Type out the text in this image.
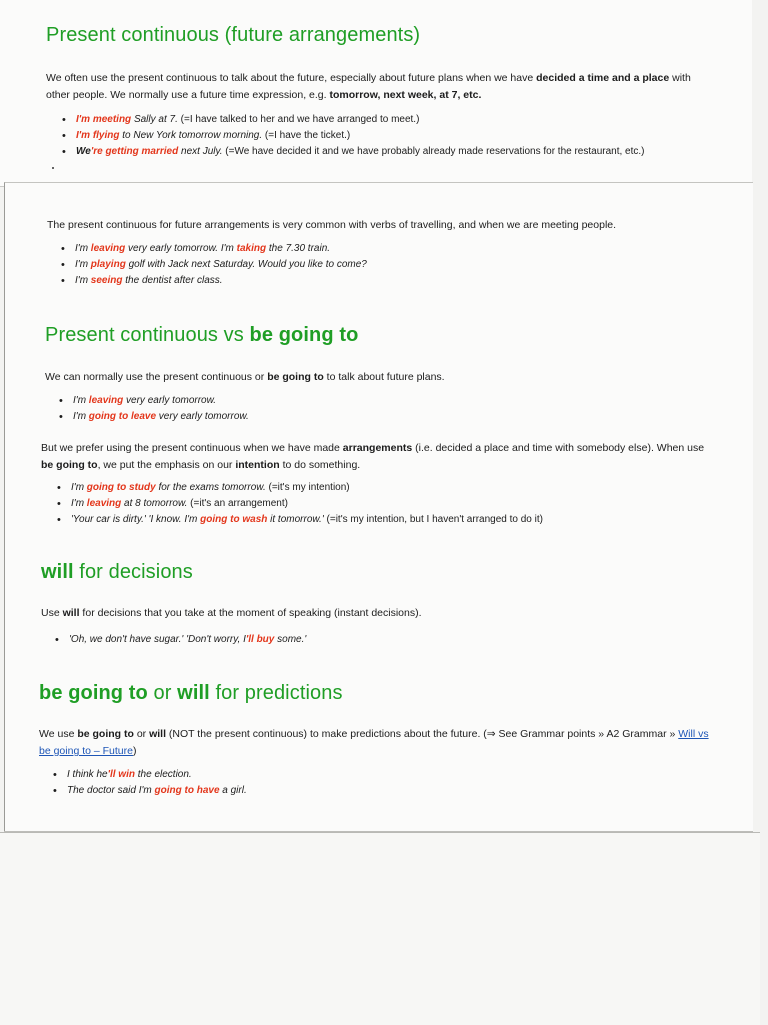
Present continuous (future arrangements)

We often use the present continuous to talk about the future, especially about future plans when we have decided a time and a place with other people. We normally use a future time expression, e.g. tomorrow, next week, at 7, etc.

• I'm meeting Sally at 7. (=I have talked to her and we have arranged to meet.)
• I'm flying to New York tomorrow morning. (=I have the ticket.)
• We're getting married next July. (=We have decided it and we have probably already made reservations for the restaurant, etc.)

The present continuous for future arrangements is very common with verbs of travelling, and when we are meeting people.

• I'm leaving very early tomorrow. I'm taking the 7.30 train.
• I'm playing golf with Jack next Saturday. Would you like to come?
• I'm seeing the dentist after class.
Present continuous vs be going to

We can normally use the present continuous or be going to to talk about future plans.

• I'm leaving very early tomorrow.
• I'm going to leave very early tomorrow.

But we prefer using the present continuous when we have made arrangements (i.e. decided a place and time with somebody else). When use be going to, we put the emphasis on our intention to do something.

• I'm going to study for the exams tomorrow. (=it's my intention)
• I'm leaving at 8 tomorrow. (=it's an arrangement)
• 'Your car is dirty.' 'I know. I'm going to wash it tomorrow.' (=it's my intention, but I haven't arranged to do it)
will for decisions

Use will for decisions that you take at the moment of speaking (instant decisions).

• 'Oh, we don't have sugar.' 'Don't worry, I'll buy some.'
be going to or will for predictions

We use be going to or will (NOT the present continuous) to make predictions about the future. (⇒ See Grammar points » A2 Grammar » Will vs be going to – Future)

• I think he'll win the election.
• The doctor said I'm going to have a girl.
